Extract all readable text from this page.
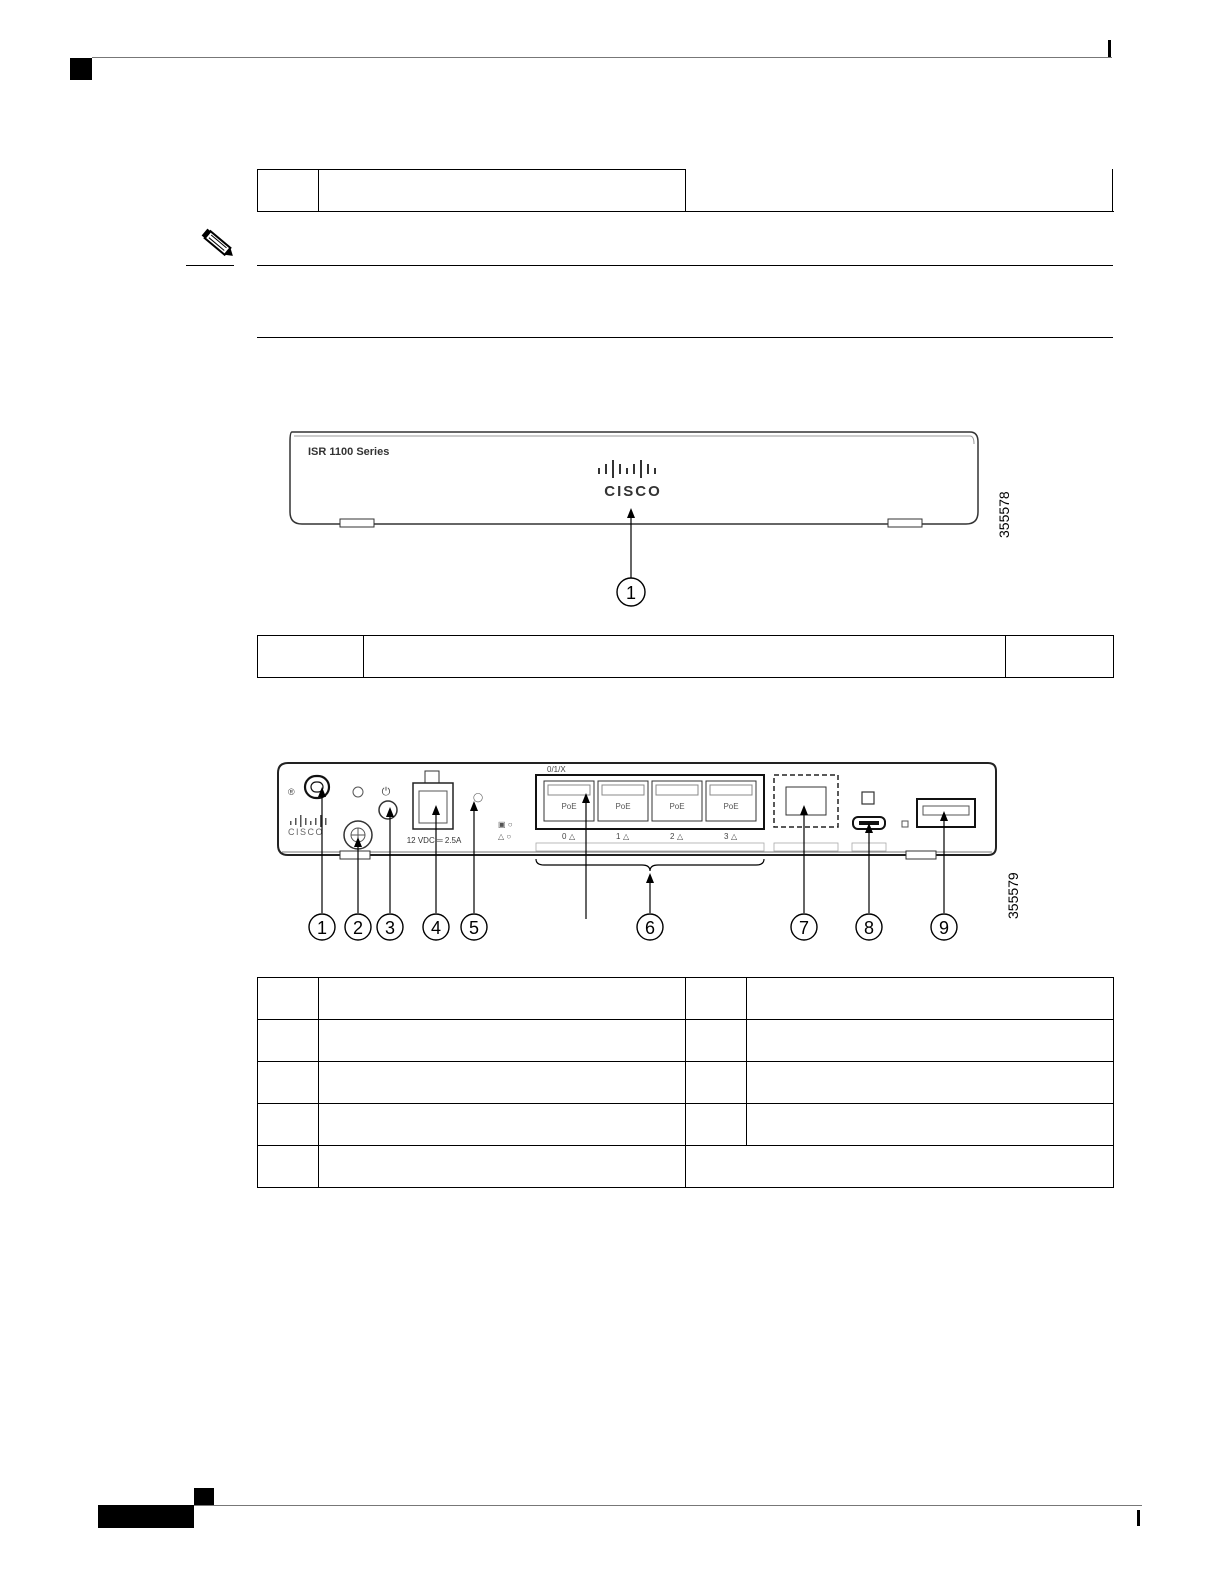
ISR 1100 Series
CISCO
1
355578

®
CISCO
⏻
12 VDC ═ 2.5A
◯
▣ ○
△ ○
0/1/X
PoE	PoE	PoE	PoE
0 △	1 △	2 △	3 △
1 2 3 4 5	6	7	8	9
355579
